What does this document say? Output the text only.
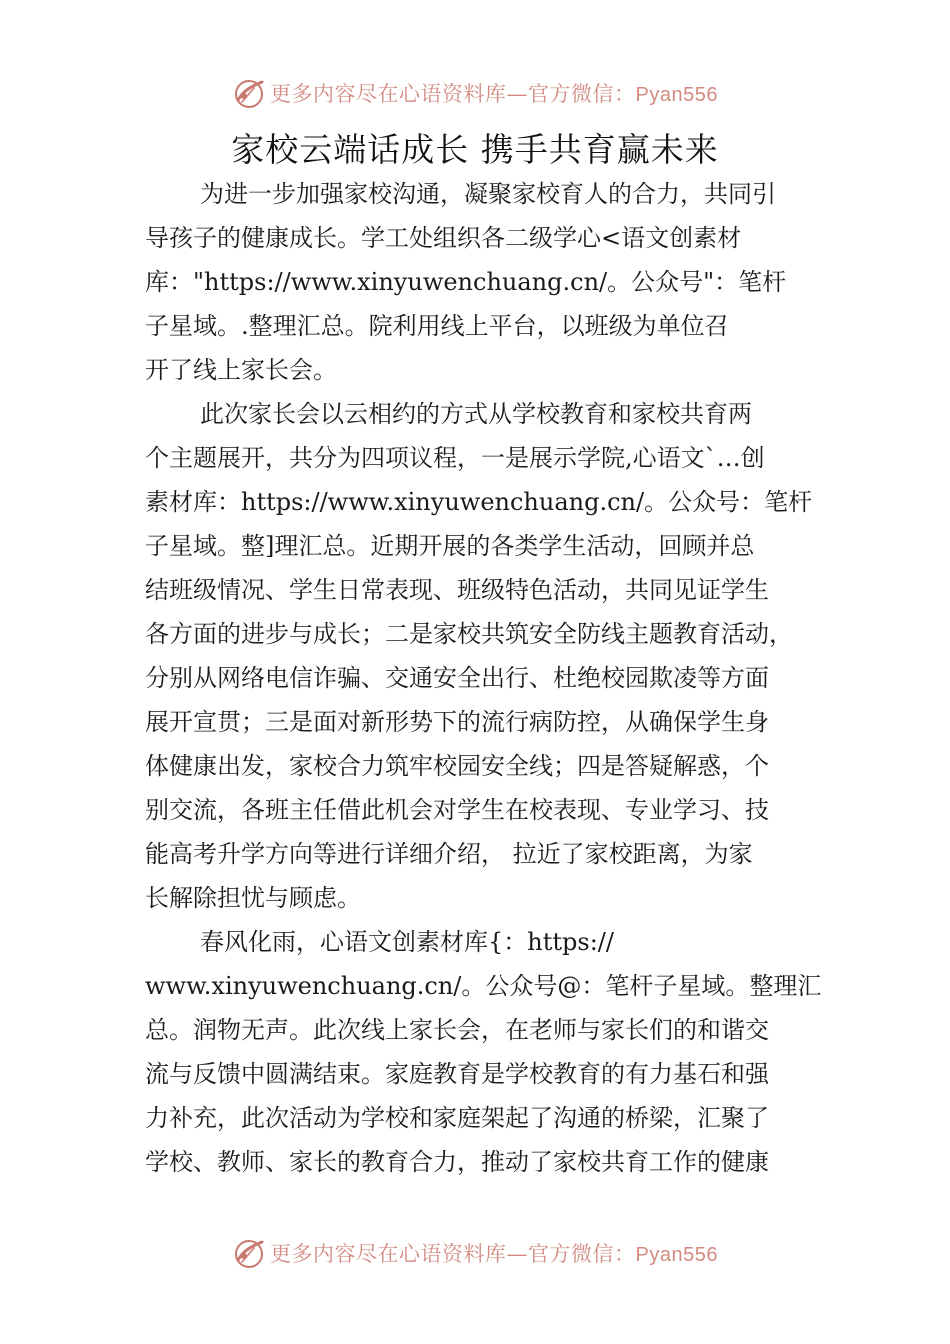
更多内容尽在心语资料库—官方微信：Pyan556
家校云端话成长 携手共育赢未来

为进一步加强家校沟通，凝聚家校育人的合力，共同引
导孩子的健康成长。学工处组织各二级学心<语文创素材
库："https://www.xinyuwenchuang.cn/。公众号"：笔杆
子星域。.整理汇总。院利用线上平台，以班级为单位召
开了线上家长会。

此次家长会以云相约的方式从学校教育和家校共育两
个主题展开，共分为四项议程，一是展示学院,心语文`…创
素材库：https://www.xinyuwenchuang.cn/。公众号：笔杆
子星域。整]理汇总。近期开展的各类学生活动，回顾并总
结班级情况、学生日常表现、班级特色活动，共同见证学生
各方面的进步与成长；二是家校共筑安全防线主题教育活动，
分别从网络电信诈骗、交通安全出行、杜绝校园欺凌等方面
展开宣贯；三是面对新形势下的流行病防控，从确保学生身
体健康出发，家校合力筑牢校园安全线；四是答疑解惑，个
别交流，各班主任借此机会对学生在校表现、专业学习、技
能高考升学方向等进行详细介绍， 拉近了家校距离，为家
长解除担忧与顾虑。

春风化雨，心语文创素材库{：https://
www.xinyuwenchuang.cn/。公众号@：笔杆子星域。整理汇
总。润物无声。此次线上家长会，在老师与家长们的和谐交
流与反馈中圆满结束。家庭教育是学校教育的有力基石和强
力补充，此次活动为学校和家庭架起了沟通的桥梁，汇聚了
学校、教师、家长的教育合力，推动了家校共育工作的健康

更多内容尽在心语资料库—官方微信：Pyan556
